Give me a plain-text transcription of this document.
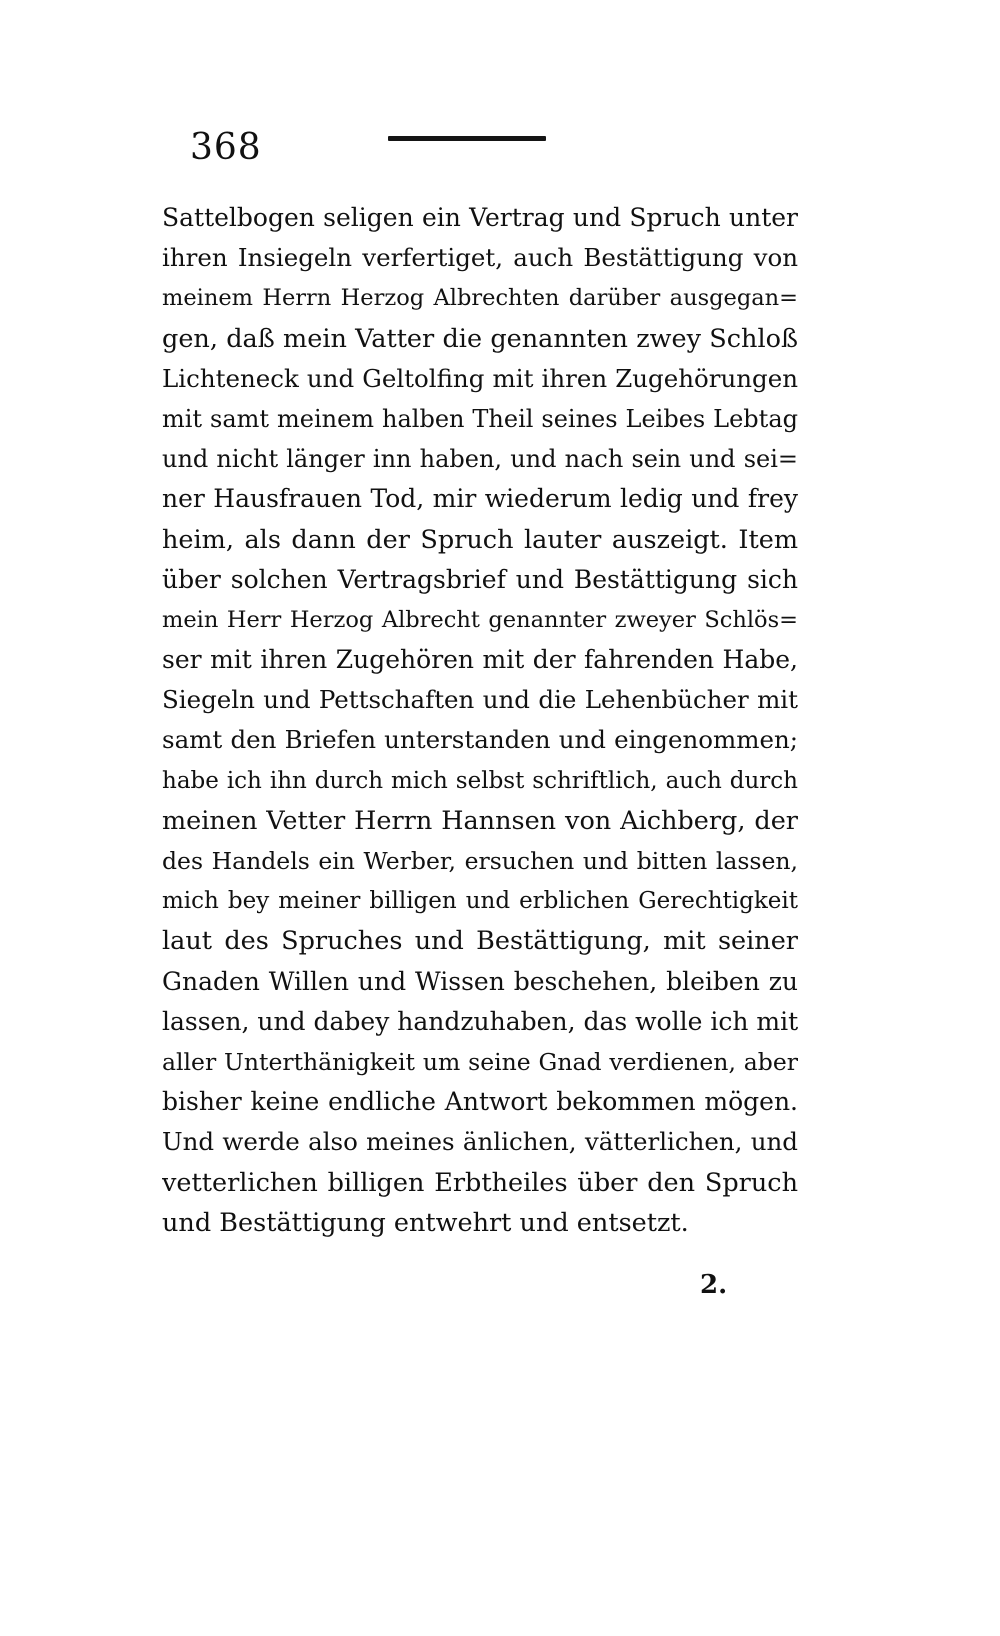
368
Sattelbogen seligen ein Vertrag und Spruch unter
ihren Insiegeln verfertiget, auch Bestättigung von
meinem Herrn Herzog Albrechten darüber ausgegan=
gen, daß mein Vatter die genannten zwey Schloß
Lichteneck und Geltolfing mit ihren Zugehörungen
mit samt meinem halben Theil seines Leibes Lebtag
und nicht länger inn haben, und nach sein und sei=
ner Hausfrauen Tod, mir wiederum ledig und frey
heim, als dann der Spruch lauter auszeigt. Item
über solchen Vertragsbrief und Bestättigung sich
mein Herr Herzog Albrecht genannter zweyer Schlös=
ser mit ihren Zugehören mit der fahrenden Habe,
Siegeln und Pettschaften und die Lehenbücher mit
samt den Briefen unterstanden und eingenommen;
habe ich ihn durch mich selbst schriftlich, auch durch
meinen Vetter Herrn Hannsen von Aichberg, der
des Handels ein Werber, ersuchen und bitten lassen,
mich bey meiner billigen und erblichen Gerechtigkeit
laut des Spruches und Bestättigung, mit seiner
Gnaden Willen und Wissen beschehen, bleiben zu
lassen, und dabey handzuhaben, das wolle ich mit
aller Unterthänigkeit um seine Gnad verdienen, aber
bisher keine endliche Antwort bekommen mögen.
Und werde also meines änlichen, vätterlichen, und
vetterlichen billigen Erbtheiles über den Spruch
und Bestättigung entwehrt und entsetzt.
2.
